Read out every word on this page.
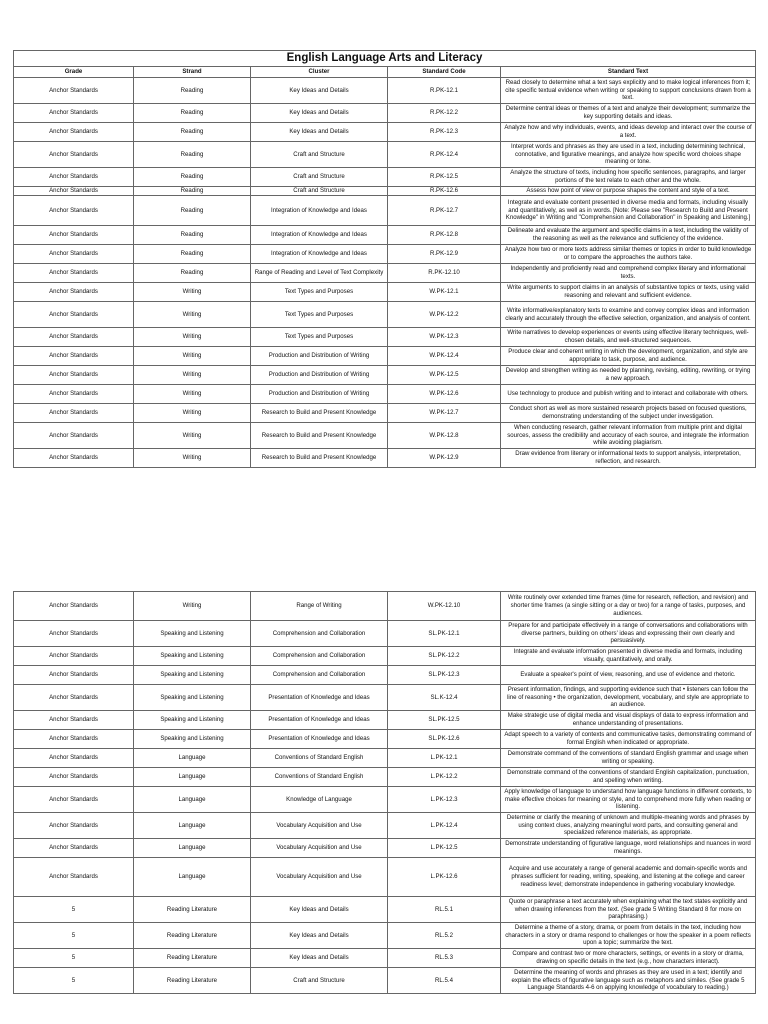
English Language Arts and Literacy				
Grade	Strand	Cluster	Standard Code	Standard Text
Anchor Standards	Reading	Key Ideas and Details	R.PK-12.1	Read closely to determine what a text says explicitly and to make logical inferences from it; cite specific textual evidence when writing or speaking to support conclusions drawn from a text.
Anchor Standards	Reading	Key Ideas and Details	R.PK-12.2	Determine central ideas or themes of a text and analyze their development; summarize the key supporting details and ideas.
Anchor Standards	Reading	Key Ideas and Details	R.PK-12.3	Analyze how and why individuals, events, and ideas develop and interact over the course of a text.
Anchor Standards	Reading	Craft and Structure	R.PK-12.4	Interpret words and phrases as they are used in a text, including determining technical, connotative, and figurative meanings, and analyze how specific word choices shape meaning or tone.
Anchor Standards	Reading	Craft and Structure	R.PK-12.5	Analyze the structure of texts, including how specific sentences, paragraphs, and larger portions of the text relate to each other and the whole.
Anchor Standards	Reading	Craft and Structure	R.PK-12.6	Assess how point of view or purpose shapes the content and style of a text.
Anchor Standards	Reading	Integration of Knowledge and Ideas	R.PK-12.7	Integrate and evaluate content presented in diverse media and formats, including visually and quantitatively, as well as in words. [Note: Please see "Research to Build and Present Knowledge" in Writing and "Comprehension and Collaboration" in Speaking and Listening.]
Anchor Standards	Reading	Integration of Knowledge and Ideas	R.PK-12.8	Delineate and evaluate the argument and specific claims in a text, including the validity of the reasoning as well as the relevance and sufficiency of the evidence.
Anchor Standards	Reading	Integration of Knowledge and Ideas	R.PK-12.9	Analyze how two or more texts address similar themes or topics in order to build knowledge or to compare the approaches the authors take.
Anchor Standards	Reading	Range of Reading and Level of Text Complexity	R.PK-12.10	Independently and proficiently read and comprehend complex literary and informational texts.
Anchor Standards	Writing	Text Types and Purposes	W.PK-12.1	Write arguments to support claims in an analysis of substantive topics or texts, using valid reasoning and relevant and sufficient evidence.
Anchor Standards	Writing	Text Types and Purposes	W.PK-12.2	Write informative/explanatory texts to examine and convey complex ideas and information clearly and accurately through the effective selection, organization, and analysis of content.
Anchor Standards	Writing	Text Types and Purposes	W.PK-12.3	Write narratives to develop experiences or events using effective literary techniques, well-chosen details, and well-structured sequences.
Anchor Standards	Writing	Production and Distribution of Writing	W.PK-12.4	Produce clear and coherent writing in which the development, organization, and style are appropriate to task, purpose, and audience.
Anchor Standards	Writing	Production and Distribution of Writing	W.PK-12.5	Develop and strengthen writing as needed by planning, revising, editing, rewriting, or trying a new approach.
Anchor Standards	Writing	Production and Distribution of Writing	W.PK-12.6	Use technology to produce and publish writing and to interact and collaborate with others.
Anchor Standards	Writing	Research to Build and Present Knowledge	W.PK-12.7	Conduct short as well as more sustained research projects based on focused questions, demonstrating understanding of the subject under investigation.
Anchor Standards	Writing	Research to Build and Present Knowledge	W.PK-12.8	When conducting research, gather relevant information from multiple print and digital sources, assess the credibility and accuracy of each source, and integrate the information while avoiding plagiarism.
Anchor Standards	Writing	Research to Build and Present Knowledge	W.PK-12.9	Draw evidence from literary or informational texts to support analysis, interpretation, reflection, and research.
Anchor Standards	Writing	Range of Writing	W.PK-12.10	Write routinely over extended time frames (time for research, reflection, and revision) and shorter time frames (a single sitting or a day or two) for a range of tasks, purposes, and audiences.
Anchor Standards	Speaking and Listening	Comprehension and Collaboration	SL.PK-12.1	Prepare for and participate effectively in a range of conversations and collaborations with diverse partners, building on others' ideas and expressing their own clearly and persuasively.
Anchor Standards	Speaking and Listening	Comprehension and Collaboration	SL.PK-12.2	Integrate and evaluate information presented in diverse media and formats, including visually, quantitatively, and orally.
Anchor Standards	Speaking and Listening	Comprehension and Collaboration	SL.PK-12.3	Evaluate a speaker's point of view, reasoning, and use of evidence and rhetoric.
Anchor Standards	Speaking and Listening	Presentation of Knowledge and Ideas	SL.K-12.4	Present information, findings, and supporting evidence such that • listeners can follow the line of reasoning • the organization, development, vocabulary, and style are appropriate to an audience.
Anchor Standards	Speaking and Listening	Presentation of Knowledge and Ideas	SL.PK-12.5	Make strategic use of digital media and visual displays of data to express information and enhance understanding of presentations.
Anchor Standards	Speaking and Listening	Presentation of Knowledge and Ideas	SL.PK-12.6	Adapt speech to a variety of contexts and communicative tasks, demonstrating command of formal English when indicated or appropriate.
Anchor Standards	Language	Conventions of Standard English	L.PK-12.1	Demonstrate command of the conventions of standard English grammar and usage when writing or speaking.
Anchor Standards	Language	Conventions of Standard English	L.PK-12.2	Demonstrate command of the conventions of standard English capitalization, punctuation, and spelling when writing.
Anchor Standards	Language	Knowledge of Language	L.PK-12.3	Apply knowledge of language to understand how language functions in different contexts, to make effective choices for meaning or style, and to comprehend more fully when reading or listening.
Anchor Standards	Language	Vocabulary Acquisition and Use	L.PK-12.4	Determine or clarify the meaning of unknown and multiple-meaning words and phrases by using context clues, analyzing meaningful word parts, and consulting general and specialized reference materials, as appropriate.
Anchor Standards	Language	Vocabulary Acquisition and Use	L.PK-12.5	Demonstrate understanding of figurative language, word relationships and nuances in word meanings.
Anchor Standards	Language	Vocabulary Acquisition and Use	L.PK-12.6	Acquire and use accurately a range of general academic and domain-specific words and phrases sufficient for reading, writing, speaking, and listening at the college and career readiness level; demonstrate independence in gathering vocabulary knowledge.
5	Reading Literature	Key Ideas and Details	RL.5.1	Quote or paraphrase a text accurately when explaining what the text states explicitly and when drawing inferences from the text. (See grade 5 Writing Standard 8 for more on paraphrasing.)
5	Reading Literature	Key Ideas and Details	RL.5.2	Determine a theme of a story, drama, or poem from details in the text, including how characters in a story or drama respond to challenges or how the speaker in a poem reflects upon a topic; summarize the text.
5	Reading Literature	Key Ideas and Details	RL.5.3	Compare and contrast two or more characters, settings, or events in a story or drama, drawing on specific details in the text (e.g., how characters interact).
5	Reading Literature	Craft and Structure	RL.5.4	Determine the meaning of words and phrases as they are used in a text; identify and explain the effects of figurative language such as metaphors and similes. (See grade 5 Language Standards 4-6 on applying knowledge of vocabulary to reading.)
